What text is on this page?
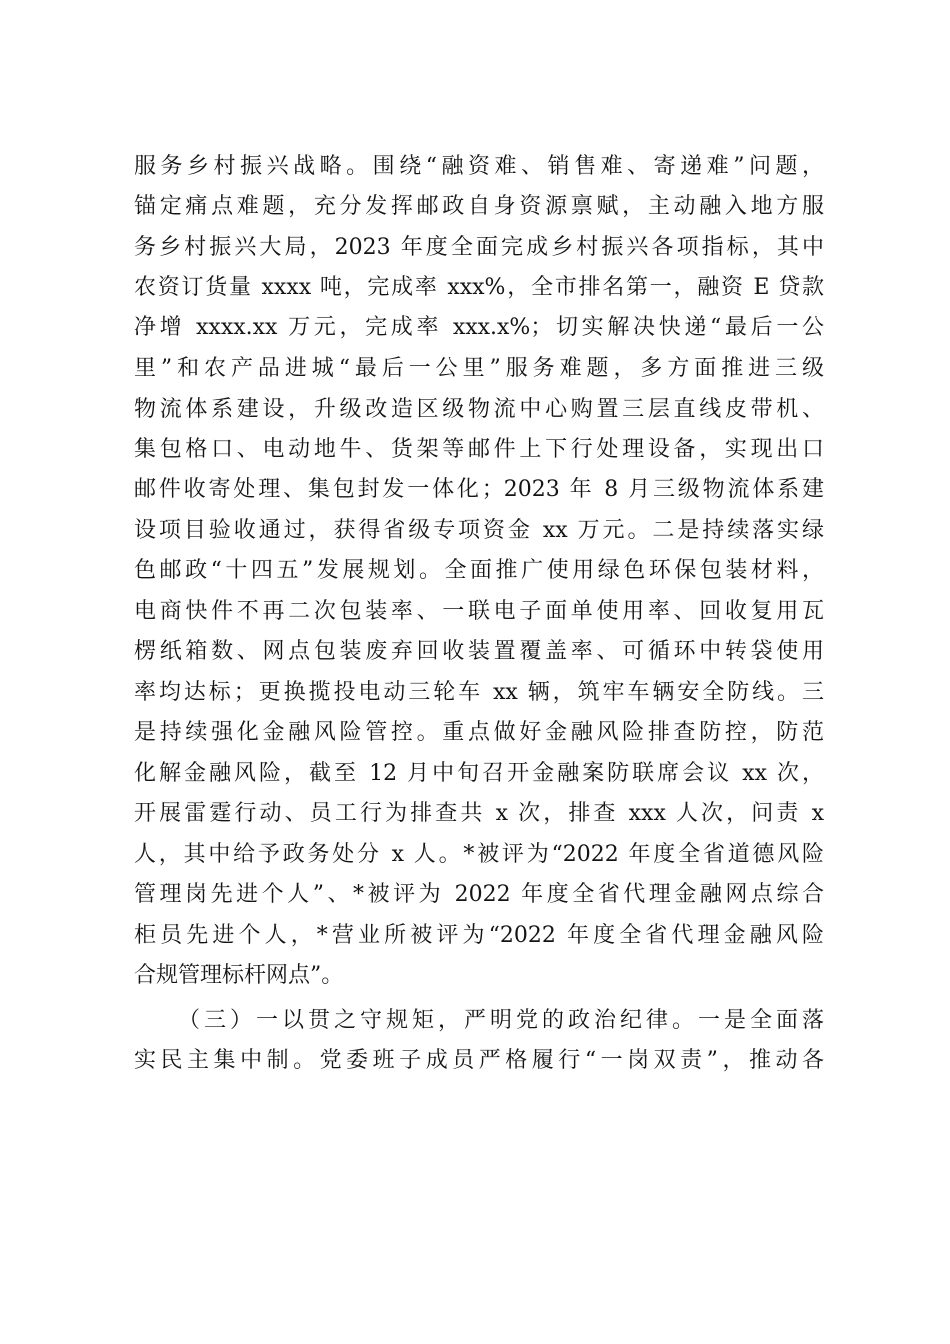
服务乡村振兴战略。围绕“融资难、销售难、寄递难”问题，
锚定痛点难题，充分发挥邮政自身资源禀赋，主动融入地方服
务乡村振兴大局，2023 年度全面完成乡村振兴各项指标，其中
农资订货量 xxxx 吨，完成率 xxx%，全市排名第一，融资 E 贷款
净增 xxxx.xx 万元，完成率 xxx.x%；切实解决快递“最后一公
里”和农产品进城“最后一公里”服务难题，多方面推进三级
物流体系建设，升级改造区级物流中心购置三层直线皮带机、
集包格口、电动地牛、货架等邮件上下行处理设备，实现出口
邮件收寄处理、集包封发一体化；2023 年 8 月三级物流体系建
设项目验收通过，获得省级专项资金 xx 万元。二是持续落实绿
色邮政“十四五”发展规划。全面推广使用绿色环保包装材料，
电商快件不再二次包装率、一联电子面单使用率、回收复用瓦
楞纸箱数、网点包装废弃回收装置覆盖率、可循环中转袋使用
率均达标；更换揽投电动三轮车 xx 辆，筑牢车辆安全防线。三
是持续强化金融风险管控。重点做好金融风险排查防控，防范
化解金融风险，截至 12 月中旬召开金融案防联席会议 xx 次，
开展雷霆行动、员工行为排查共 x 次，排查 xxx 人次，问责 x
人，其中给予政务处分 x 人。*被评为“2022 年度全省道德风险
管理岗先进个人”、*被评为 2022 年度全省代理金融网点综合
柜员先进个人，*营业所被评为“2022 年度全省代理金融风险
合规管理标杆网点”。
（三）一以贯之守规矩，严明党的政治纪律。一是全面落
实民主集中制。党委班子成员严格履行“一岗双责”，推动各
